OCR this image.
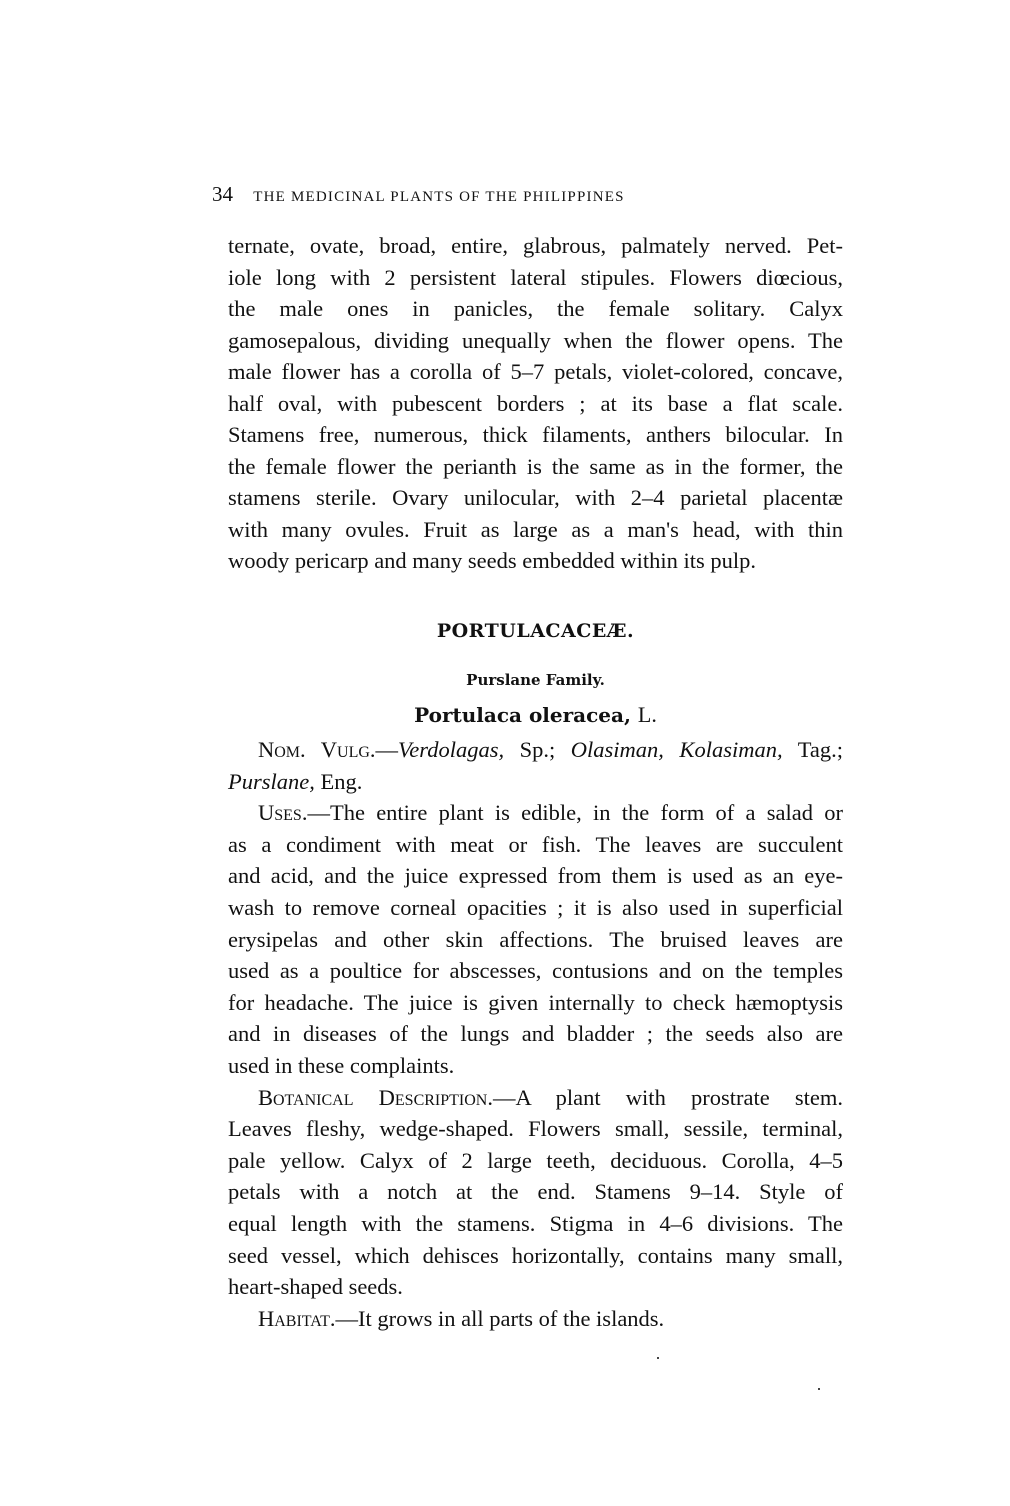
34 THE MEDICINAL PLANTS OF THE PHILIPPINES
ternate, ovate, broad, entire, glabrous, palmately nerved. Pet-
iole long with 2 persistent lateral stipules. Flowers diœcious,
the male ones in panicles, the female solitary. Calyx
gamosepalous, dividing unequally when the flower opens. The
male flower has a corolla of 5–7 petals, violet-colored, concave,
half oval, with pubescent borders ; at its base a flat scale.
Stamens free, numerous, thick filaments, anthers bilocular. In
the female flower the perianth is the same as in the former, the
stamens sterile. Ovary unilocular, with 2–4 parietal placentæ
with many ovules. Fruit as large as a man's head, with thin
woody pericarp and many seeds embedded within its pulp.
PORTULACACEÆ.
Purslane Family.
Portulaca oleracea, L.
Nom. Vulg.—Verdolagas, Sp.; Olasiman, Kolasiman, Tag.;
Purslane, Eng.
Uses.—The entire plant is edible, in the form of a salad or
as a condiment with meat or fish. The leaves are succulent
and acid, and the juice expressed from them is used as an eye-
wash to remove corneal opacities ; it is also used in superficial
erysipelas and other skin affections. The bruised leaves are
used as a poultice for abscesses, contusions and on the temples
for headache. The juice is given internally to check hæmoptysis
and in diseases of the lungs and bladder ; the seeds also are
used in these complaints.
Botanical Description.—A plant with prostrate stem.
Leaves fleshy, wedge-shaped. Flowers small, sessile, terminal,
pale yellow. Calyx of 2 large teeth, deciduous. Corolla, 4–5
petals with a notch at the end. Stamens 9–14. Style of
equal length with the stamens. Stigma in 4–6 divisions. The
seed vessel, which dehisces horizontally, contains many small,
heart-shaped seeds.
Habitat.—It grows in all parts of the islands.
